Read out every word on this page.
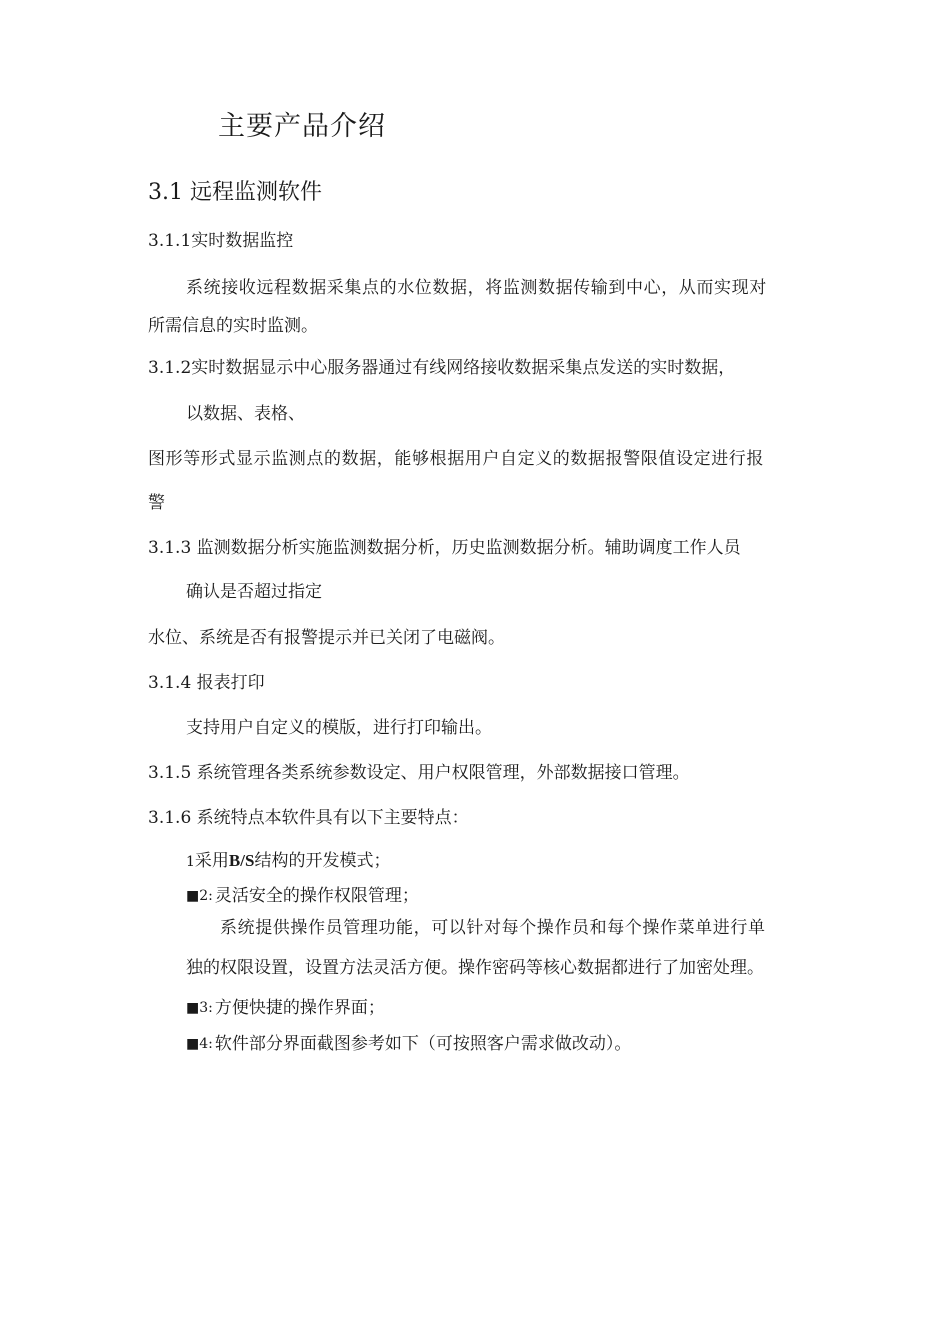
主要产品介绍
3.1 远程监测软件
3.1.1实时数据监控
系统接收远程数据采集点的水位数据，将监测数据传输到中心，从而实现对
所需信息的实时监测。
3.1.2实时数据显示中心服务器通过有线网络接收数据采集点发送的实时数据，
以数据、表格、
图形等形式显示监测点的数据，能够根据用户自定义的数据报警限值设定进行报
警
3.1.3 监测数据分析实施监测数据分析，历史监测数据分析。辅助调度工作人员
确认是否超过指定
水位、系统是否有报警提示并已关闭了电磁阀。
3.1.4 报表打印
支持用户自定义的模版，进行打印输出。
3.1.5 系统管理各类系统参数设定、用户权限管理，外部数据接口管理。
3.1.6 系统特点本软件具有以下主要特点：
1采用B/S结构的开发模式；
■2: 灵活安全的操作权限管理；
系统提供操作员管理功能，可以针对每个操作员和每个操作菜单进行单
独的权限设置，设置方法灵活方便。操作密码等核心数据都进行了加密处理。
■3: 方便快捷的操作界面；
■4: 软件部分界面截图参考如下（可按照客户需求做改动）。
